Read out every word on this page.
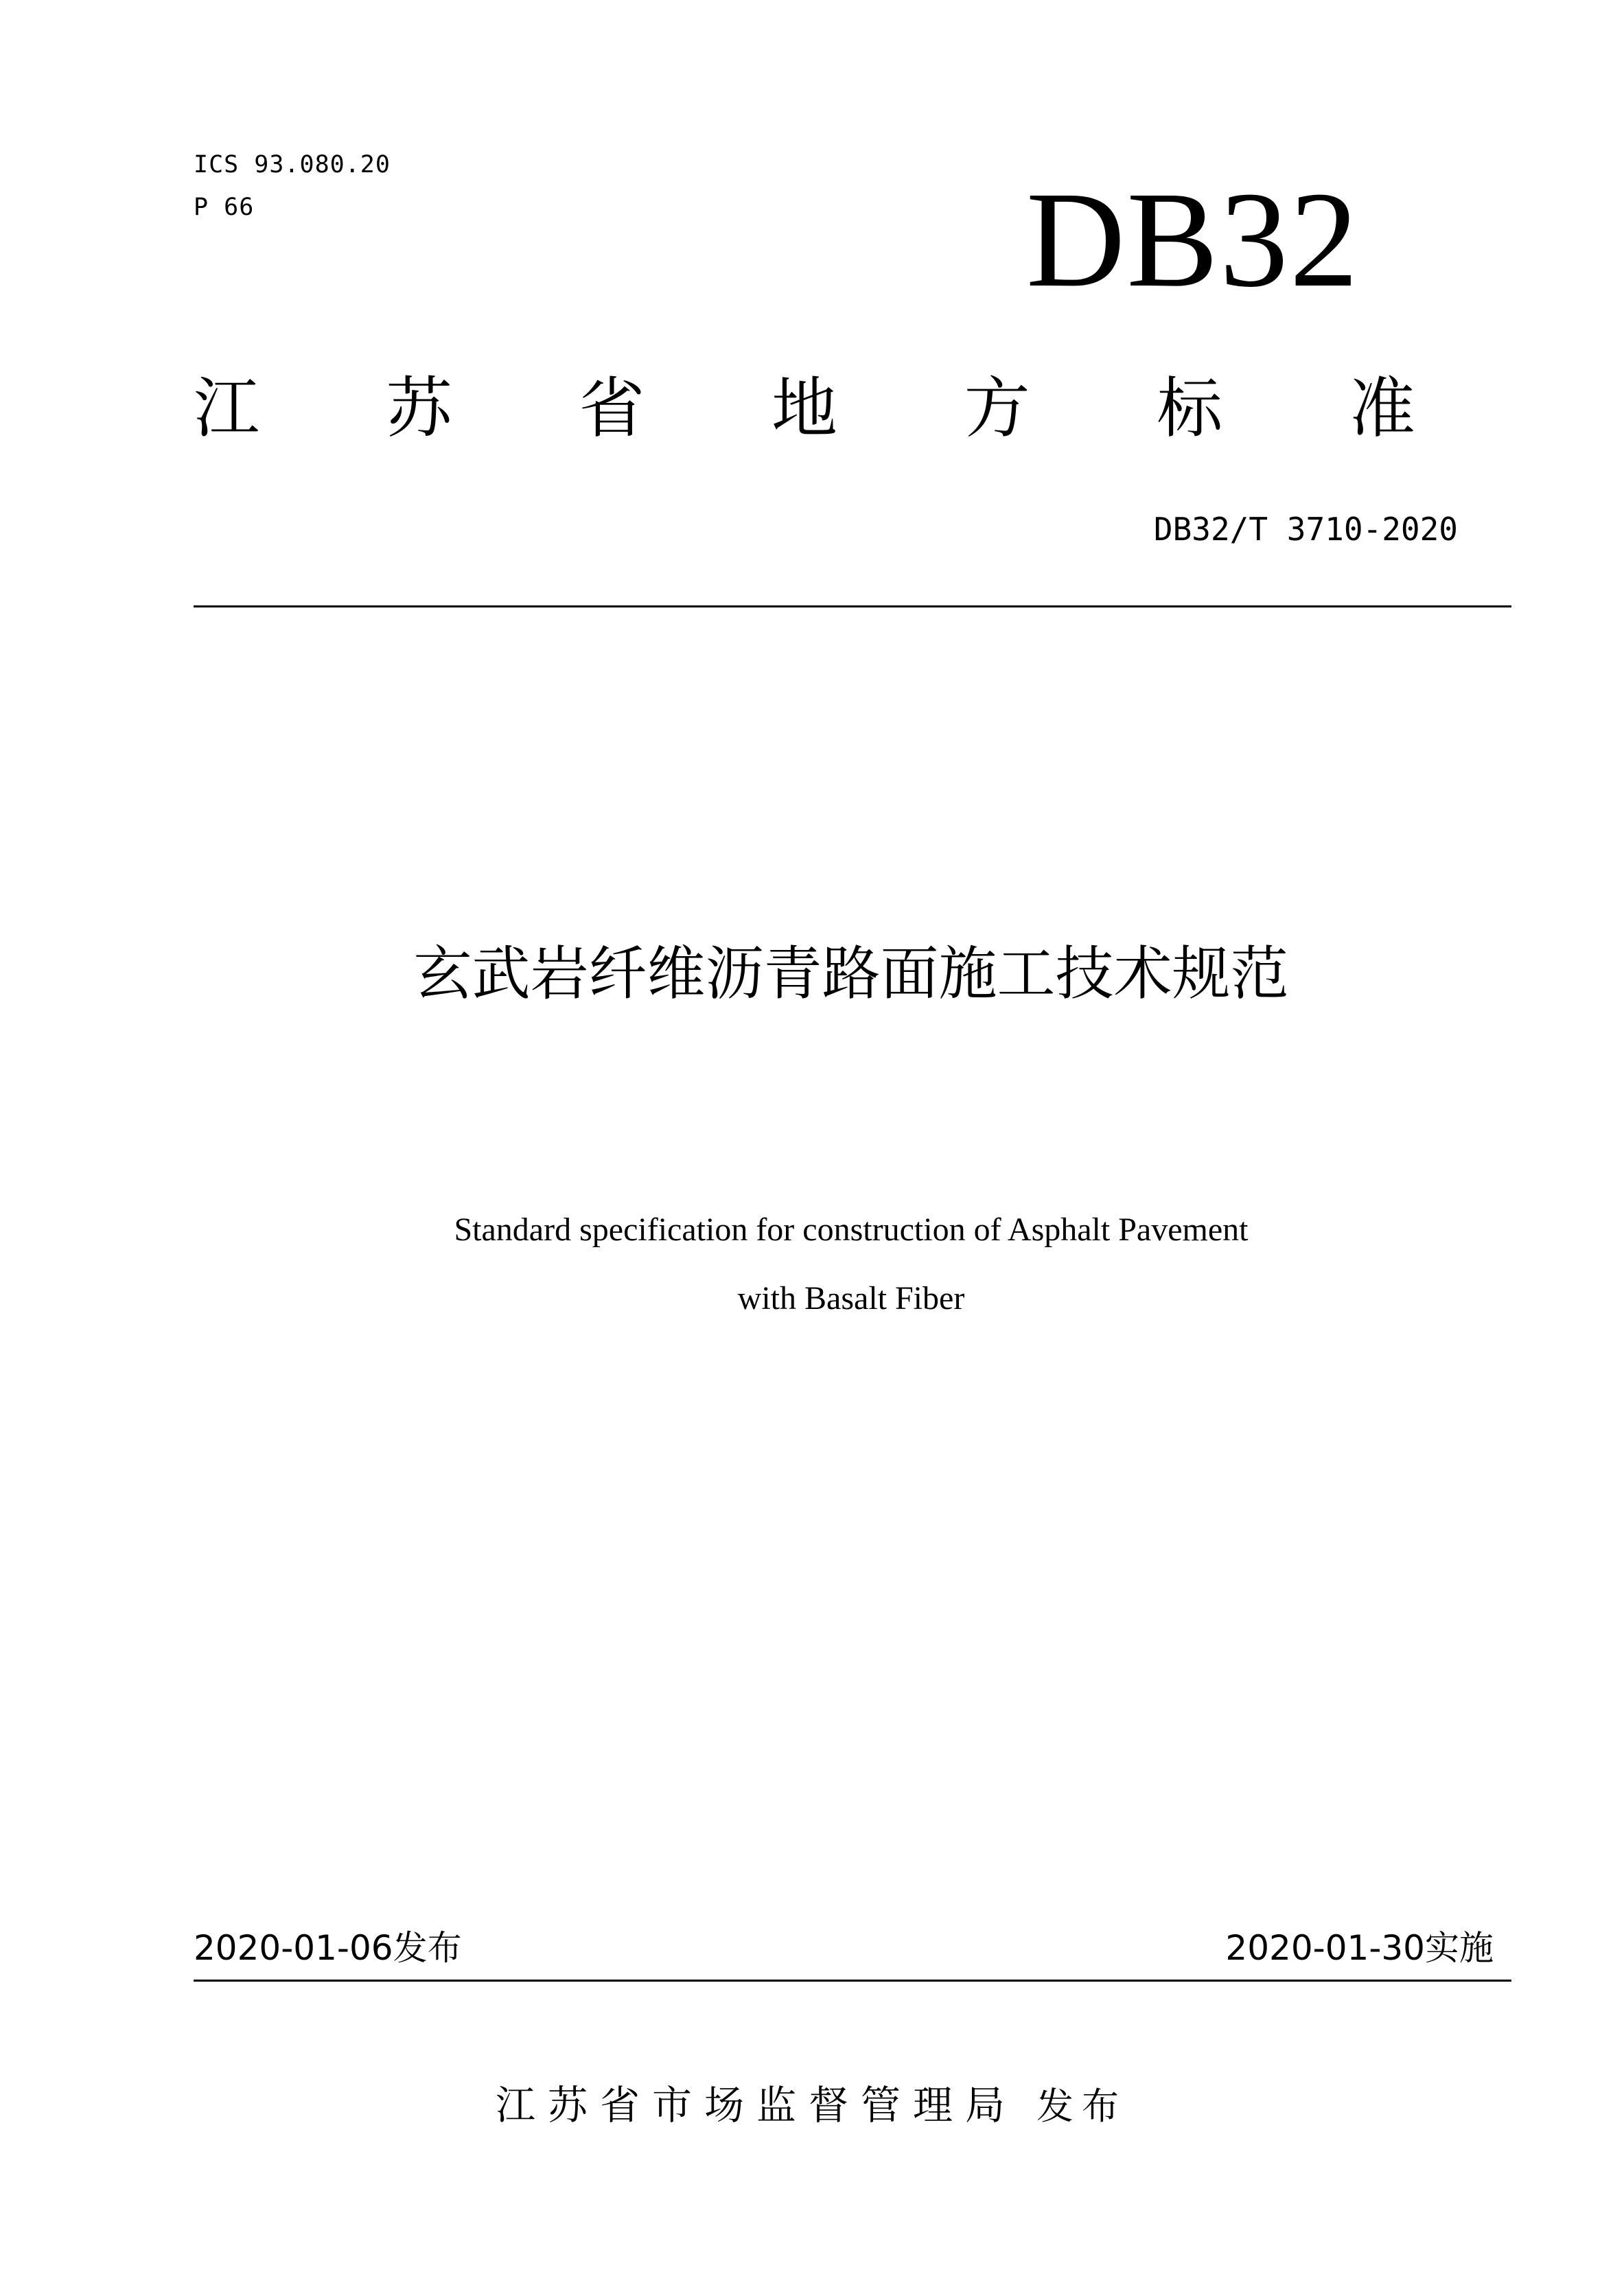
ICS 93.080.20
P 66	DB32
江 苏 省 地 方 标 准
DB32/T 3710-2020
玄武岩纤维沥青路面施工技术规范
Standard specification for construction of Asphalt Pavement
with Basalt Fiber
2020-01-06发布	2020-01-30实施
江苏省市场监督管理局 发布
